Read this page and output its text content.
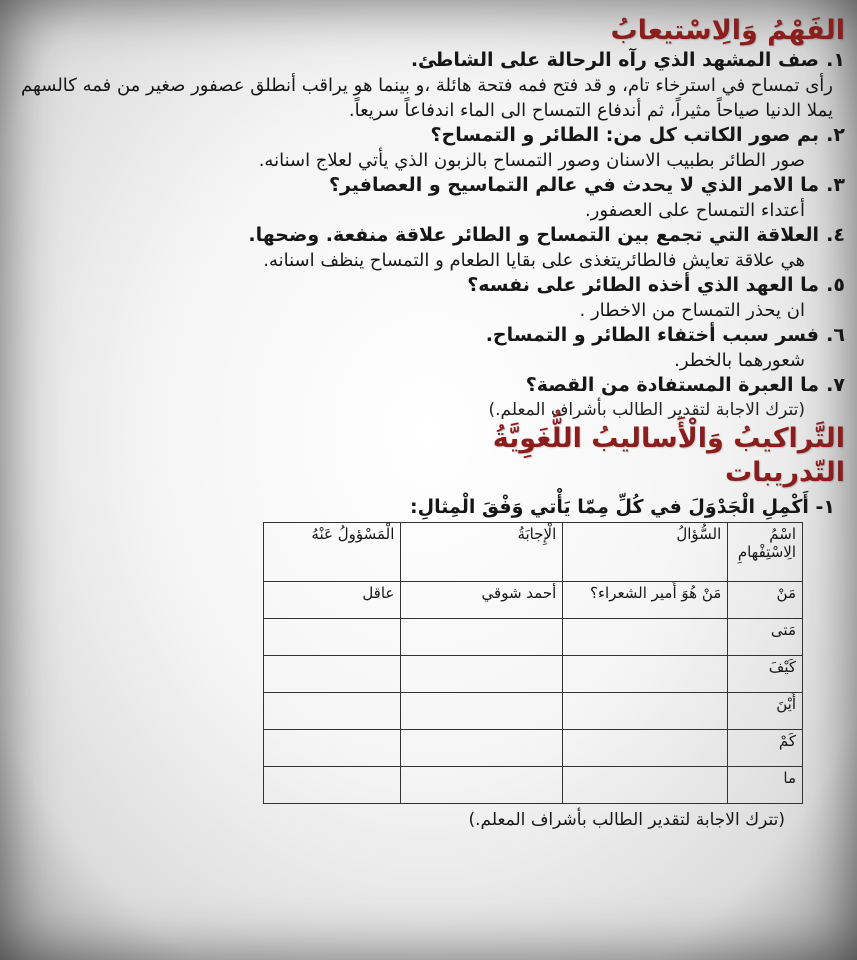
الفَهْمُ وَالِاسْتيعابُ

١.
صف المشهد الذي رآه الرحالة على الشاطئ.

رأى تمساح في استرخاء تام، و قد فتح فمه فتحة هائلة ،و بينما هو يراقب أنطلق عصفور صغير من فمه كالسهم يملا الدنيا صياحاً مثيراً، ثم أندفاع التمساح الى الماء اندفاعاً سريعاً.

٢.
بم صور الكاتب كل من: الطائر و التمساح؟

صور الطائر بطبيب الاسنان وصور التمساح بالزبون الذي يأتي لعلاج اسنانه.

٣.
ما الامر الذي لا يحدث في عالم التماسيح و العصافير؟

أعتداء التمساح على العصفور.

٤.
العلاقة التي تجمع بين التمساح و الطائر علاقة منفعة. وضحها.

هي علاقة تعايش فالطائريتغذى على بقايا الطعام و التمساح ينظف اسنانه.

٥.
ما العهد الذي أخذه الطائر على نفسه؟

ان يحذر التمساح من الاخطار .

٦.
فسر سبب أختفاء الطائر و التمساح.

شعورهما بالخطر.

٧.
ما العبرة المستفادة من القصة؟

(تترك الاجابة لتقدير الطالب بأشراف المعلم.)

التَّراكيبُ وَالْأَساليبُ اللُّغَوِيَّةُ

التّدريبات

١- أَكْمِلِ الْجَدْوَلَ في كُلِّ مِمّا يَأْتي وَفْقَ الْمِثالِ:

اسْمُ الِاسْتِفْهامِ	السُّؤالُ	الْإِجابَةُ	الْمَسْؤولُ عَنْهُ
مَنْ	مَنْ هُوَ أَمير الشعراء؟	أحمد شوقي	عاقل
مَتى			
كَيْفَ			
أَيْنَ			
كَمْ			
ما			

(تترك الاجابة لتقدير الطالب بأشراف المعلم.)
